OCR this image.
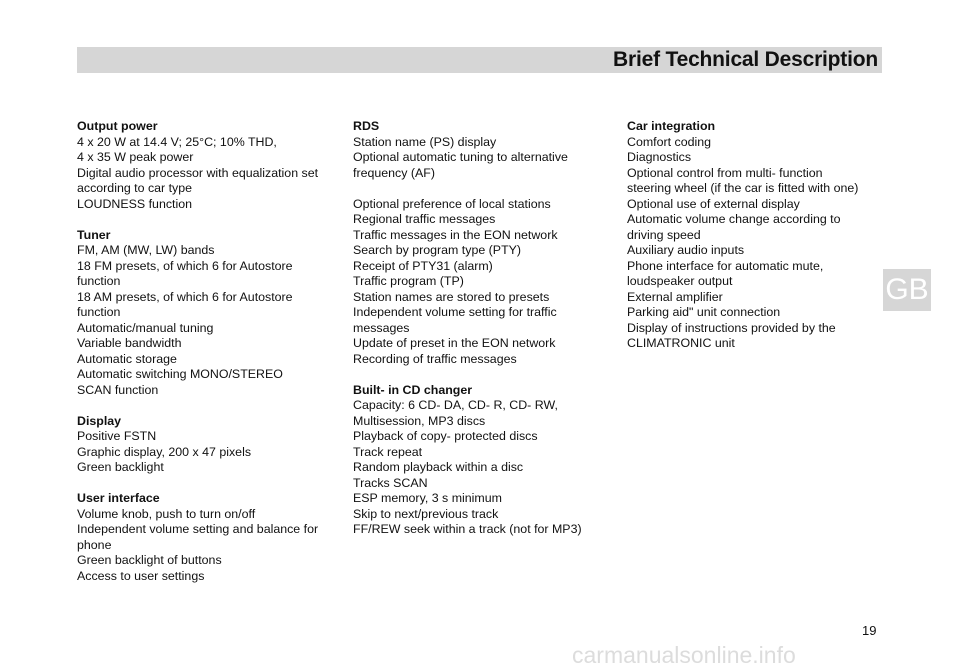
Brief Technical Description
Output power
4 x 20 W at 14.4 V; 25°C; 10% THD,
4 x 35 W peak power
Digital audio processor with equalization set
according to car type
LOUDNESS function
Tuner
FM, AM (MW, LW) bands
18 FM presets, of which 6 for Autostore
function
18 AM presets, of which 6 for Autostore
function
Automatic/manual tuning
Variable bandwidth
Automatic storage
Automatic switching MONO/STEREO
SCAN function
Display
Positive FSTN
Graphic display, 200 x 47 pixels
Green backlight
User interface
Volume knob, push to turn on/off
Independent volume setting and balance for
phone
Green backlight of buttons
Access to user settings
RDS
Station name (PS) display
Optional automatic tuning to alternative
frequency (AF)
Optional preference of local stations
Regional traffic messages
Traffic messages in the EON network
Search by program type (PTY)
Receipt of PTY31 (alarm)
Traffic program (TP)
Station names are stored to presets
Independent volume setting for traffic
messages
Update of preset in the EON network
Recording of traffic messages
Built- in CD changer
Capacity: 6 CD- DA, CD- R, CD- RW,
Multisession, MP3 discs
Playback of copy- protected discs
Track repeat
Random playback within a disc
Tracks SCAN
ESP memory, 3 s minimum
Skip to next/previous track
FF/REW seek within a track (not for MP3)
Car integration
Comfort coding
Diagnostics
Optional control from multi- function
steering wheel (if the car is fitted with one)
Optional use of external display
Automatic volume change according to
driving speed
Auxiliary audio inputs
Phone interface for automatic mute,
loudspeaker output
External amplifier
Parking aid" unit connection
Display of instructions provided by the
CLIMATRONIC unit
GB
19
carmanualsonline.info
